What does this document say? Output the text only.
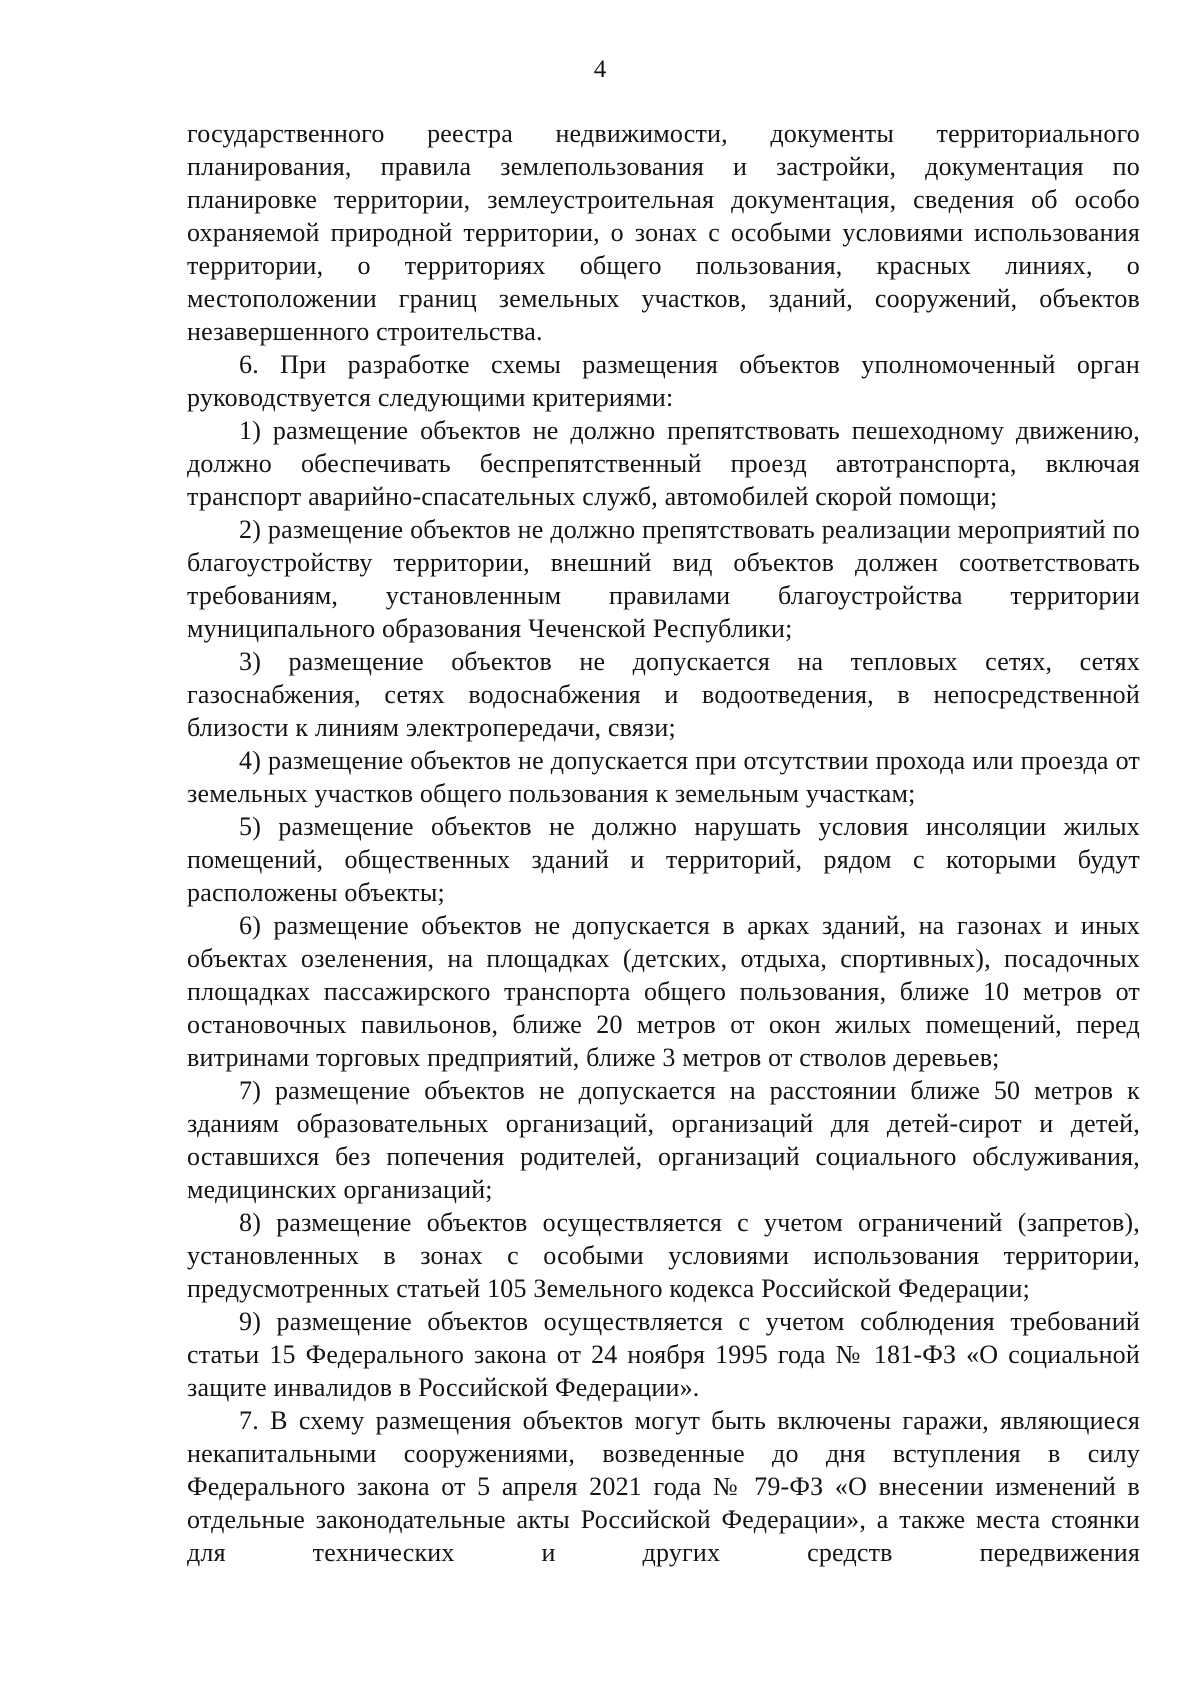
4

государственного реестра недвижимости, документы территориального планирования, правила землепользования и застройки, документация по планировке территории, землеустроительная документация, сведения об особо охраняемой природной территории, о зонах с особыми условиями использования территории, о территориях общего пользования, красных линиях, о местоположении границ земельных участков, зданий, сооружений, объектов незавершенного строительства.

6. При разработке схемы размещения объектов уполномоченный орган руководствуется следующими критериями:

1) размещение объектов не должно препятствовать пешеходному движению, должно обеспечивать беспрепятственный проезд автотранспорта, включая транспорт аварийно-спасательных служб, автомобилей скорой помощи;

2) размещение объектов не должно препятствовать реализации мероприятий по благоустройству территории, внешний вид объектов должен соответствовать требованиям, установленным правилами благоустройства территории муниципального образования Чеченской Республики;

3) размещение объектов не допускается на тепловых сетях, сетях газоснабжения, сетях водоснабжения и водоотведения, в непосредственной близости к линиям электропередачи, связи;

4) размещение объектов не допускается при отсутствии прохода или проезда от земельных участков общего пользования к земельным участкам;

5) размещение объектов не должно нарушать условия инсоляции жилых помещений, общественных зданий и территорий, рядом с которыми будут расположены объекты;

6) размещение объектов не допускается в арках зданий, на газонах и иных объектах озеленения, на площадках (детских, отдыха, спортивных), посадочных площадках пассажирского транспорта общего пользования, ближе 10 метров от остановочных павильонов, ближе 20 метров от окон жилых помещений, перед витринами торговых предприятий, ближе 3 метров от стволов деревьев;

7) размещение объектов не допускается на расстоянии ближе 50 метров к зданиям образовательных организаций, организаций для детей-сирот и детей, оставшихся без попечения родителей, организаций социального обслуживания, медицинских организаций;

8) размещение объектов осуществляется с учетом ограничений (запретов), установленных в зонах с особыми условиями использования территории, предусмотренных статьей 105 Земельного кодекса Российской Федерации;

9) размещение объектов осуществляется с учетом соблюдения требований статьи 15 Федерального закона от 24 ноября 1995 года № 181-ФЗ «О социальной защите инвалидов в Российской Федерации».

7. В схему размещения объектов могут быть включены гаражи, являющиеся некапитальными сооружениями, возведенные до дня вступления в силу Федерального закона от 5 апреля 2021 года № 79-ФЗ «О внесении изменений в отдельные законодательные акты Российской Федерации», а также места стоянки для технических и других средств передвижения
